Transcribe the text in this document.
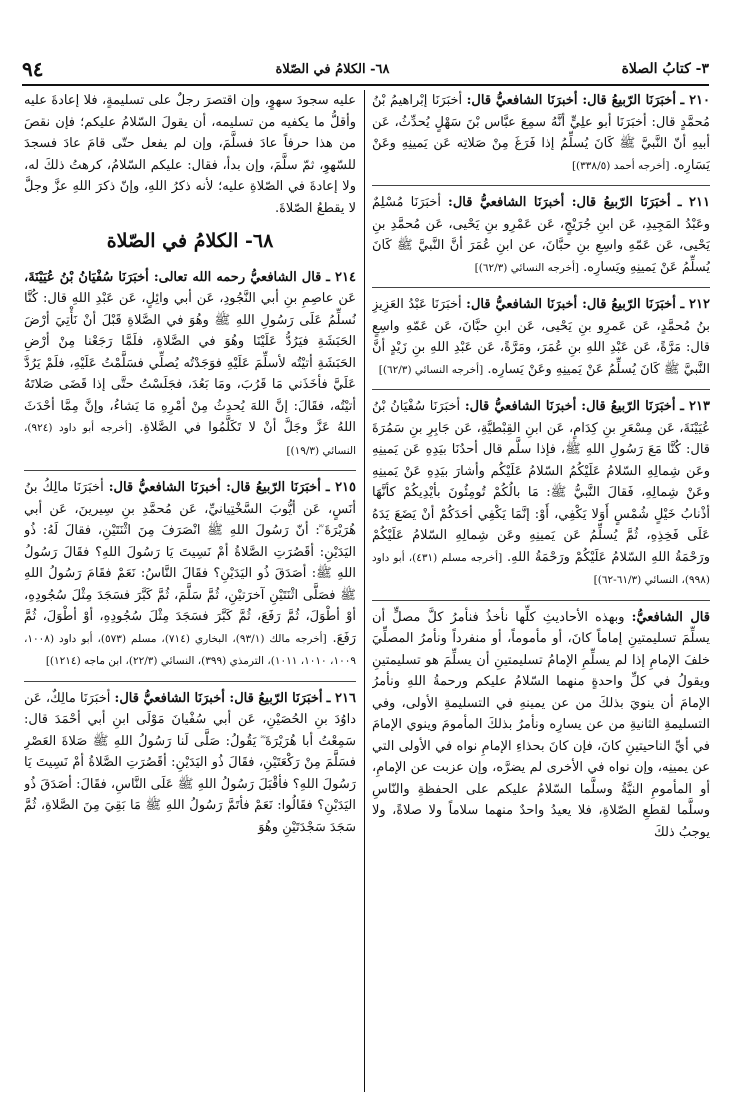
٩٤	٦٨- الكلامُ في الصّلاة	٣- كتابُ الصلاة

٢١٠ ـ أخبَرَنَا الرّبيعُ قال: أخبرَنَا الشافعيُّ قال: أخبَرَنَا إبْراهيمُ بْنُ مُحمَّدٍ قال: أخبَرَنَا أبو علِيٍّ أنَّهُ سمِعَ عبَّاس بْنَ سَهْلٍ يُحدِّثُ، عَن أبيهِ أنّ النَّبيَّ ﷺ كَانَ يُسلِّمُ إذا فَرَغَ مِنْ صَلاتِه عَن يَمينِهِ وعَنْ يَسَارِه. [أخرجه أحمد (٣٣٨/٥)]

٢١١ ـ أخبَرَنَا الرّبيعُ قال: أخبرَنَا الشافعيُّ قال: أخبَرَنَا مُسْلِمٌ وعَبْدُ المَجِيدِ، عَن ابنِ جُرَيْجٍ، عَن عَمْرِو بنِ يَحْيى، عَن مُحمَّدِ بنِ يَحْيى، عَن عَمّهِ واسِعِ بنِ حبَّانَ، عن ابنِ عُمَرَ أنَّ النَّبيَّ ﷺ كَانَ يُسلِّمُ عَنْ يَمينِهِ ويَسارِه. [أخرجه النسائي (٦٢/٣)]

٢١٢ ـ أخبَرَنَا الرّبيعُ قال: أخبرَنَا الشافعيُّ قال: أخبَرَنَا عَبْدُ العَزِيزِ بنُ مُحمَّدٍ، عَن عَمرِو بنِ يَحْيى، عَن ابنِ حبَّانَ، عَن عَمّهِ واسِعٍ قال: مَرَّةً، عَن عَبْدِ اللهِ بنِ عُمَرَ، ومَرَّةً، عَن عَبْدِ اللهِ بنِ زَيْدٍ أنَّ النَّبيَّ ﷺ كَانَ يُسلِّمُ عَنْ يَمينِهِ وعَنْ يَسارِه. [أخرجه النسائي (٦٢/٣)]

٢١٣ ـ أخبَرَنَا الرّبيعُ قال: أخبرَنَا الشافعيُّ قال: أخبَرَنَا سُفْيَانُ بْنُ عُيَيْنَةَ، عَن مِسْعَرِ بنِ كِدَامٍ، عَن ابنِ القِبْطيَّةِ، عَن جَابِرِ بنِ سَمُرَةَ قال: كُنَّا مَعَ رَسُولِ اللهِ ﷺ، فإذا سلَّم قال أحدُنَا بيَدِهِ عَن يَمينِهِ وعَن شِمالِهِ السّلامُ عَلَيْكُمُ السّلامُ عَلَيْكُم وأشارَ بيَدِهِ عَنْ يَمينِهِ وعَنْ شِمالِهِ، فَقالَ النَّبيُّ ﷺ: مَا بالُكُمْ تُومِئُونَ بأيْدِيكُمْ كأنَّهَا أذْنابُ خَيْلٍ شُمْسٍ أَوَلا يَكْفِي، أَوْ: إنَّمَا يَكْفِي أحَدَكُمْ أنْ يَضَعَ يَدَهُ عَلَى فَخِذِهِ، ثُمَّ يُسلِّمُ عَن يَمينِهِ وعَن شِمالِهِ السّلامُ عَلَيْكُمْ ورَحْمَةُ اللهِ السّلامُ عَلَيْكُمْ ورَحْمَةُ اللهِ. [أخرجه مسلم (٤٣١)، أبو داود (٩٩٨)، النسائي (٦١/٣-٦٢)]

قال الشافعيُّ: وبهذه الأحاديثِ كلِّها نأخذُ فنأمرُ كلَّ مصلٍّ أن يسلِّمَ تسليمتينِ إماماً كانَ، أو مأموماً، أو منفرداً ونأمرُ المصلِّيَ خلفَ الإمامِ إذا لم يسلِّمِ الإمامُ تسليمتينِ أن يسلِّمَ هو تسليمتينِ ويقولُ في كلِّ واحدةٍ منهما السّلامُ عليكم ورحمةُ اللهِ ونأمرُ الإمامَ أن ينويَ بذلكَ من عن يمينهِ في التسليمةِ الأولى، وفي التسليمةِ الثانيةِ من عن يسارِه ونأمرُ بذلكَ المأمومَ وينوي الإمامَ في أيِّ الناحيتينِ كانَ، فإن كانَ بحذاءِ الإمامِ نواه في الأولى التي عن يمينِه، وإن نواه في الأخرى لم يضرَّه، وإن عزبت عن الإمامِ، أو المأمومِ النيَّةُ وسلَّما السّلامُ عليكم على الحفظةِ والنّاسِ وسلَّما لقطعِ الصّلاةِ، فلا يعيدُ واحدٌ منهما سلاماً ولا صلاةً، ولا يوجبُ ذلكَ

عليه سجودَ سهوٍ، وإن اقتصرَ رجلٌ على تسليمةٍ، فلا إعادةَ عليه وأقلُّ ما يكفيه من تسليمه، أن يقولَ السّلامُ عليكم؛ فإن نقصَ من هذا حرفاً عادَ فسلَّمَ، وإن لم يفعل حتّى قامَ عادَ فسجدَ للسّهوِ، ثمّ سلَّمَ، وإن بدأ، فقال: عليكم السّلامُ، كرهتُ ذلكَ له، ولا إعادةَ في الصّلاةِ عليه؛ لأنه ذكرُ اللهِ، وإنّ ذكرَ اللهِ عزَّ وجلَّ لا يقطعُ الصّلاةَ.

٦٨- الكلامُ في الصّلاة

٢١٤ ـ قال الشافعيُّ رحمه الله تعالى: أخبَرَنَا سُفْيَانُ بْنُ عُيَيْنَةَ، عَن عاصِمِ بنِ أبي النَّجُودِ، عَن أبي وائِلٍ، عَن عَبْدِ اللهِ قال: كُنَّا نُسلِّمُ عَلَى رَسُولِ اللهِ ﷺ وهُوَ في الصَّلاةِ قَبْلَ أنْ نَأْتِيَ أرْضَ الحَبَشَةِ فيَرُدُّ عَلَيْنَا وهُوَ في الصَّلاةِ، فلَمَّا رَجَعْنا مِنْ أرْضِ الحَبَشَةِ أتيْتُه لأسلِّمَ عَلَيْهِ فوَجَدْتُه يُصلِّي فسَلَّمْتُ عَلَيْهِ، فلَمْ يَرُدَّ عَلَيَّ فأخَذَني مَا قَرُبَ، ومَا بَعُدَ، فجَلَسْتُ حتَّى إذا قَضَى صَلاتَهُ أتيْتُه، فقَالَ: إنَّ اللهَ يُحدِثُ مِنْ أمْرِهِ مَا يَشاءُ، وإنَّ مِمَّا أحْدَثَ اللهُ عَزَّ وجَلَّ أنْ لا تَكَلَّمُوا في الصَّلاةِ. [أخرجه أبو داود (٩٢٤)، النسائي (١٩/٣)]

٢١٥ ـ أخبَرَنَا الرّبيعُ قال: أخبرَنَا الشافعيُّ قال: أخبَرَنَا مالِكُ بنُ أنَسٍ، عَن أيُّوبَ السَّخْتِيانيِّ، عَن مُحمَّدِ بنِ سِيرينَ، عَن أبي هُرَيْرَةَ ؓ: أنّ رَسُولَ اللهِ ﷺ انْصَرَفَ مِنَ اثْنَتَيْنِ، فقالَ لَهُ: ذُو اليَدَيْنِ: أقَصُرَتِ الصَّلاةُ أمْ نَسِيتَ يَا رَسُولَ اللهِ؟ فقَالَ رَسُولُ اللهِ ﷺ: أصَدَقَ ذُو اليَدَيْنِ؟ فقَالَ النَّاسُ: نَعَمْ فقَامَ رَسُولُ اللهِ ﷺ فصَلَّى اثْنَتَيْنِ آخرَتيْنِ، ثُمَّ سَلَّمَ، ثُمَّ كَبَّرَ فسَجَدَ مِثْلَ سُجُودِهِ، أوْ أطْوَلَ، ثُمَّ رَفَعَ، ثُمَّ كَبَّرَ فسَجَدَ مِثْلَ سُجُودِهِ، أوْ أطْوَلَ، ثُمَّ رَفَعَ. [أخرجه مالك (٩٣/١)، البخاري (٧١٤)، مسلم (٥٧٣)، أبو داود (١٠٠٨، ١٠٠٩، ١٠١٠، ١٠١١)، الترمذي (٣٩٩)، النسائي (٢٢/٣)، ابن ماجه (١٢١٤)]

٢١٦ ـ أخبَرَنَا الرّبيعُ قال: أخبرَنَا الشافعيُّ قال: أخبَرَنَا مالِكٌ، عَن داوُدَ بنِ الحُصَيْنِ، عَن أبي سُفْيانَ مَوْلَى ابنِ أبي أحْمَدَ قال: سَمِعْتُ أبا هُرَيْرَةَ ؓ يَقُولُ: صَلَّى لَنا رَسُولُ اللهِ ﷺ صَلاةَ العَصْرِ فسَلَّمَ مِنْ رَكْعَتَيْنِ، فقَالَ ذُو اليَدَيْنِ: أقَصُرَتِ الصَّلاةُ أمْ نَسِيتَ يَا رَسُولَ اللهِ؟ فأقْبَلَ رَسُولُ اللهِ ﷺ عَلَى النَّاسِ، فقَالَ: أصَدَقَ ذُو اليَدَيْنِ؟ فقَالُوا: نَعَمْ فأتَمَّ رَسُولُ اللهِ ﷺ مَا بَقِيَ مِنَ الصَّلاةِ، ثُمَّ سَجَدَ سَجْدَتَيْنِ وهُوَ
